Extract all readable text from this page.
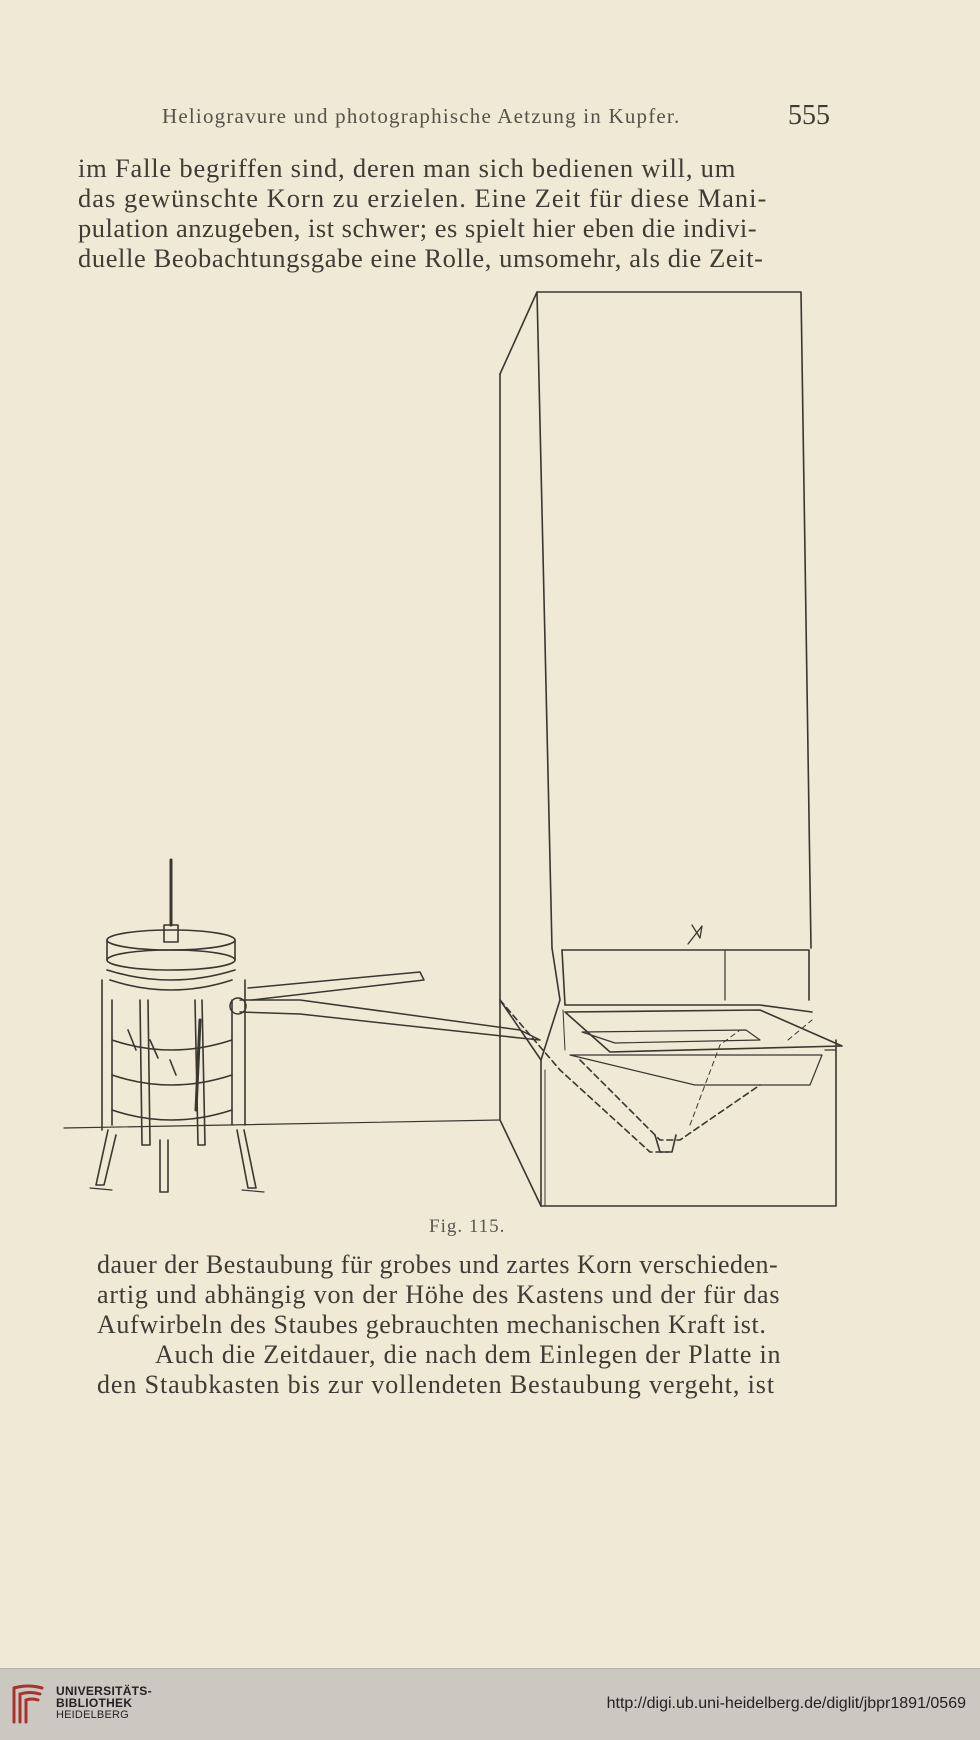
Heliogravure und photographische Aetzung in Kupfer.	555
im Falle begriffen sind, deren man sich bedienen will, um
das gewünschte Korn zu erzielen. Eine Zeit für diese Mani-
pulation anzugeben, ist schwer; es spielt hier eben die indivi-
duelle Beobachtungsgabe eine Rolle, umsomehr, als die Zeit-
Fig. 115.
dauer der Bestaubung für grobes und zartes Korn verschieden-
artig und abhängig von der Höhe des Kastens und der für das
Aufwirbeln des Staubes gebrauchten mechanischen Kraft ist.
Auch die Zeitdauer, die nach dem Einlegen der Platte in
den Staubkasten bis zur vollendeten Bestaubung vergeht, ist
UNIVERSITÄTS-
BIBLIOTHEK
HEIDELBERG
http://digi.ub.uni-heidelberg.de/diglit/jbpr1891/0569
